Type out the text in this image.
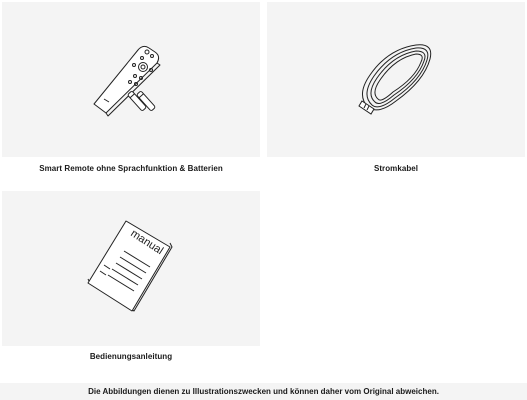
Smart Remote ohne Sprachfunktion & Batterien	Stromkabel
manual
Bedienungsanleitung
Die Abbildungen dienen zu Illustrationszwecken und können daher vom Original abweichen.
